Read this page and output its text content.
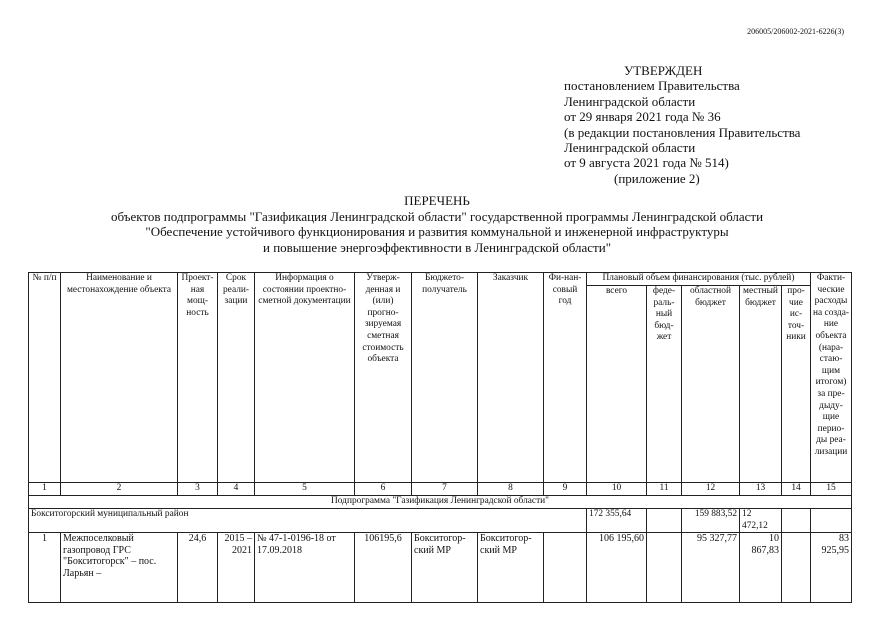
206005/206002-2021-6226(3)
УТВЕРЖДЕН
постановлением Правительства
Ленинградской области
от 29 января 2021 года № 36
(в редакции постановления Правительства
Ленинградской области
от 9 августа 2021 года № 514)
(приложение 2)
ПЕРЕЧЕНЬ
объектов подпрограммы "Газификация Ленинградской области" государственной программы Ленинградской области
"Обеспечение устойчивого функционирования и развития коммунальной и инженерной инфраструктуры
и повышение энергоэффективности в Ленинградской области"
№ п/п	Наименование и местонахождение объекта	Проект-ная мощ-ность	Срок реали-зации	Информация о состоянии проектно-сметной документации	Утверж-денная и (или) прогно-зируемая сметная стоимость объекта	Бюджето-получатель	Заказчик	Фи-нан-совый год	Плановый объем финансирования (тыс. рублей)					Факти-ческие расходы на созда-ние объекта (нара-стаю-щим итогом) за пре-дыду-щие перио-ды реа-лизации
									всего	феде-раль-ный бюд-жет	областной бюджет	местный бюджет	про-чие ис-точ-ники	
1	2	3	4	5	6	7	8	9	10	11	12	13	14	15
Подпрограмма "Газификация Ленинградской области"														
Бокситогорский муниципальный район									172 355,64		159 883,52	12 472,12		
1	Межпоселковый газопровод ГРС "Бокситогорск" – пос. Ларьян –	24,6	2015 – 2021	№ 47-1-0196-18 от 17.09.2018	106195,6	Бокситогор-ский МР	Бокситогор-ский МР		106 195,60		95 327,77	10 867,83		83 925,95
